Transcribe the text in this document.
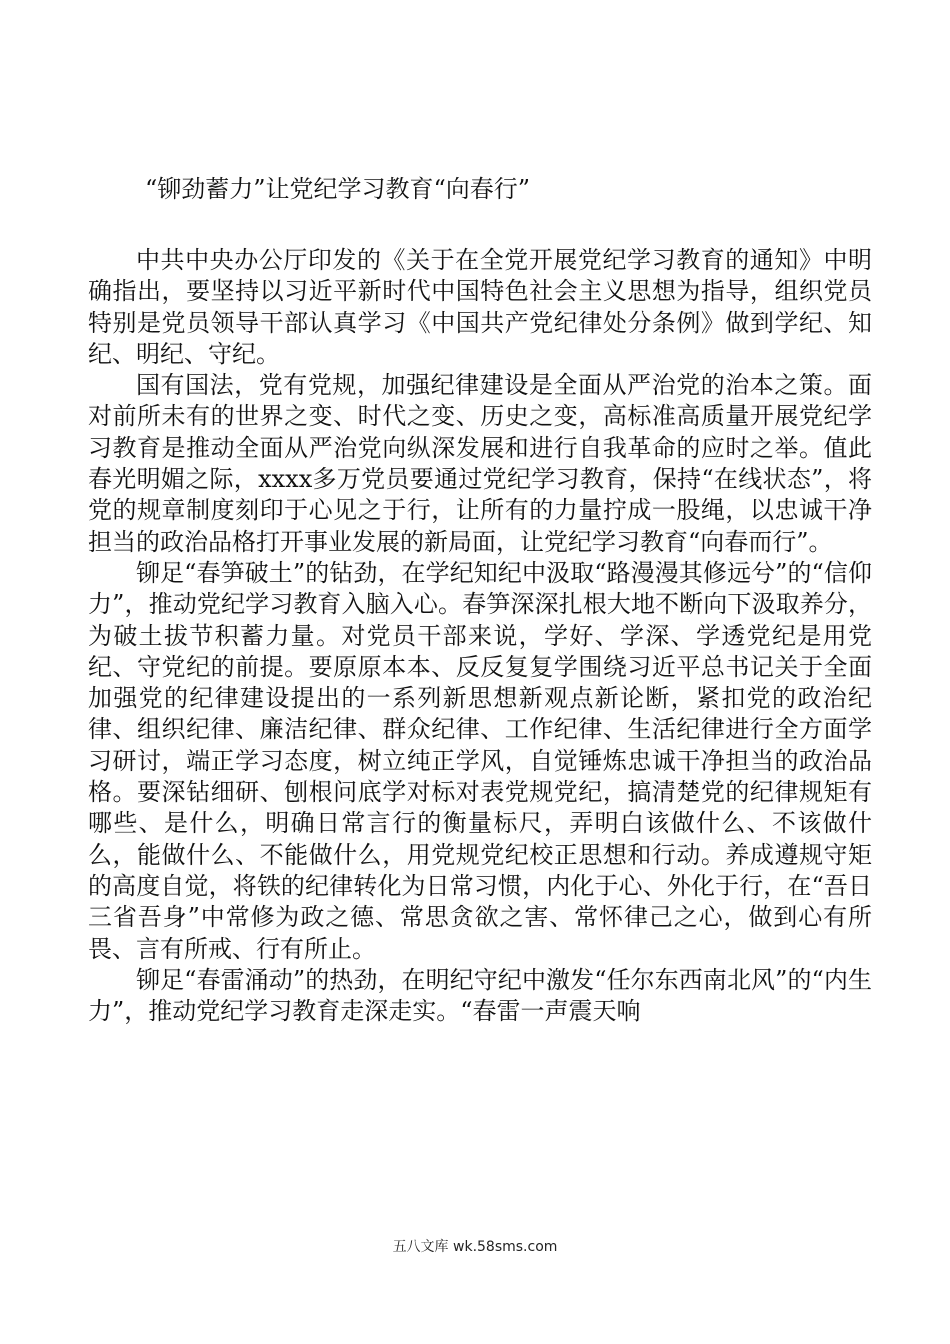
“铆劲蓄力”让党纪学习教育“向春行”

中共中央办公厅印发的《关于在全党开展党纪学习教育的通知》中明确指出，要坚持以习近平新时代中国特色社会主义思想为指导，组织党员特别是党员领导干部认真学习《中国共产党纪律处分条例》做到学纪、知纪、明纪、守纪。

国有国法，党有党规，加强纪律建设是全面从严治党的治本之策。面对前所未有的世界之变、时代之变、历史之变，高标准高质量开展党纪学习教育是推动全面从严治党向纵深发展和进行自我革命的应时之举。值此春光明媚之际，xxxx多万党员要通过党纪学习教育，保持“在线状态”，将党的规章制度刻印于心见之于行，让所有的力量拧成一股绳，以忠诚干净担当的政治品格打开事业发展的新局面，让党纪学习教育“向春而行”。

铆足“春笋破土”的钻劲，在学纪知纪中汲取“路漫漫其修远兮”的“信仰力”，推动党纪学习教育入脑入心。春笋深深扎根大地不断向下汲取养分，为破土拔节积蓄力量。对党员干部来说，学好、学深、学透党纪是用党纪、守党纪的前提。要原原本本、反反复复学围绕习近平总书记关于全面加强党的纪律建设提出的一系列新思想新观点新论断，紧扣党的政治纪律、组织纪律、廉洁纪律、群众纪律、工作纪律、生活纪律进行全方面学习研讨，端正学习态度，树立纯正学风，自觉锤炼忠诚干净担当的政治品格。要深钻细研、刨根问底学对标对表党规党纪，搞清楚党的纪律规矩有哪些、是什么，明确日常言行的衡量标尺，弄明白该做什么、不该做什么，能做什么、不能做什么，用党规党纪校正思想和行动。养成遵规守矩的高度自觉，将铁的纪律转化为日常习惯，内化于心、外化于行，在“吾日三省吾身”中常修为政之德、常思贪欲之害、常怀律己之心，做到心有所畏、言有所戒、行有所止。

铆足“春雷涌动”的热劲，在明纪守纪中激发“任尔东西南北风”的“内生力”，推动党纪学习教育走深走实。“春雷一声震天响

五八文库 wk.58sms.com
